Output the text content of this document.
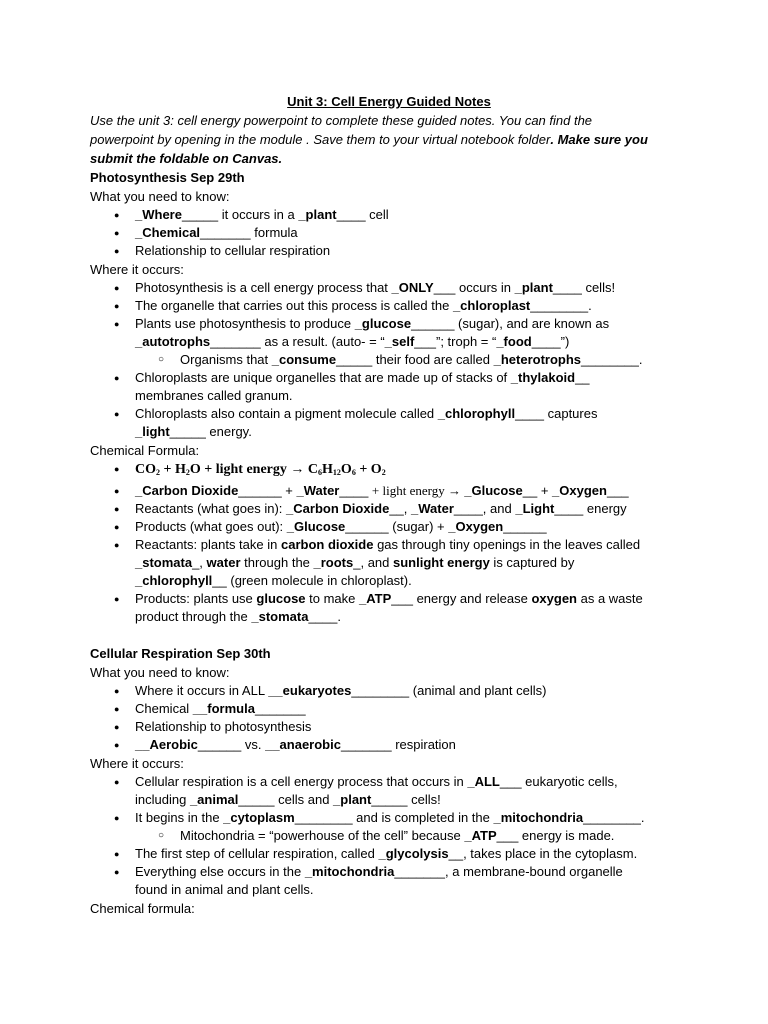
Unit 3: Cell Energy Guided Notes
Use the unit 3: cell energy powerpoint to complete these guided notes. You can find the powerpoint by opening in the module . Save them to your virtual notebook folder. Make sure you submit the foldable on Canvas.
Photosynthesis Sep 29th
What you need to know:
● _Where_____ it occurs in a _plant____ cell
● _Chemical_______ formula
● Relationship to cellular respiration
Where it occurs:
● Photosynthesis is a cell energy process that _ONLY___ occurs in _plant____ cells!
● The organelle that carries out this process is called the _chloroplast________.
● Plants use photosynthesis to produce _glucose______ (sugar), and are known as _autotrophs_______ as a result. (auto- = “_self___”; troph = “_food____”)
○ Organisms that _consume_____ their food are called _heterotrophs________.
● Chloroplasts are unique organelles that are made up of stacks of _thylakoid__ membranes called granum.
● Chloroplasts also contain a pigment molecule called _chlorophyll____ captures _light_____ energy.
Chemical Formula:
● $CO_2 + H_2O$ + light energy → $C_6H_{12}O_6 + O_2$
● _Carbon Dioxide______ + _Water____ + light energy → _Glucose__ + _Oxygen___
● Reactants (what goes in): _Carbon Dioxide__, _Water____, and _Light____ energy
● Products (what goes out): _Glucose______ (sugar) + _Oxygen______
● Reactants: plants take in carbon dioxide gas through tiny openings in the leaves called _stomata_, water through the _roots_, and sunlight energy is captured by _chlorophyll__ (green molecule in chloroplast).
● Products: plants use glucose to make _ATP___ energy and release oxygen as a waste product through the _stomata____.
Cellular Respiration Sep 30th
What you need to know:
● Where it occurs in ALL __eukaryotes________ (animal and plant cells)
● Chemical __formula_______
● Relationship to photosynthesis
● __Aerobic______ vs. __anaerobic_______ respiration
Where it occurs:
● Cellular respiration is a cell energy process that occurs in _ALL___ eukaryotic cells, including _animal_____ cells and _plant_____ cells!
● It begins in the _cytoplasm________ and is completed in the _mitochondria________.
○ Mitochondria = “powerhouse of the cell” because _ATP___ energy is made.
● The first step of cellular respiration, called _glycolysis__, takes place in the cytoplasm.
● Everything else occurs in the _mitochondria_______, a membrane-bound organelle found in animal and plant cells.
Chemical formula:
